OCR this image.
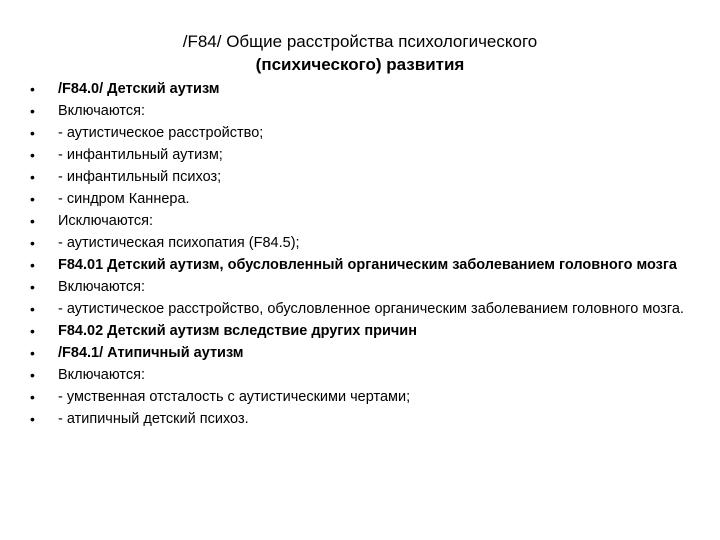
/F84/ Общие расстройства психологического
(психического) развития
•	/F84.0/ Детский аутизм
•	Включаются:
•	- аутистическое расстройство;
•	- инфантильный аутизм;
•	- инфантильный психоз;
•	- синдром Каннера.
•	Исключаются:
•	- аутистическая психопатия (F84.5);
•	F84.01 Детский аутизм, обусловленный органическим заболеванием головного мозга
•	Включаются:
•	- аутистическое расстройство, обусловленное органическим заболеванием головного мозга.
•	F84.02 Детский аутизм вследствие других причин
•	/F84.1/ Атипичный аутизм
•	Включаются:
•	- умственная отсталость с аутистическими чертами;
•	- атипичный детский психоз.
